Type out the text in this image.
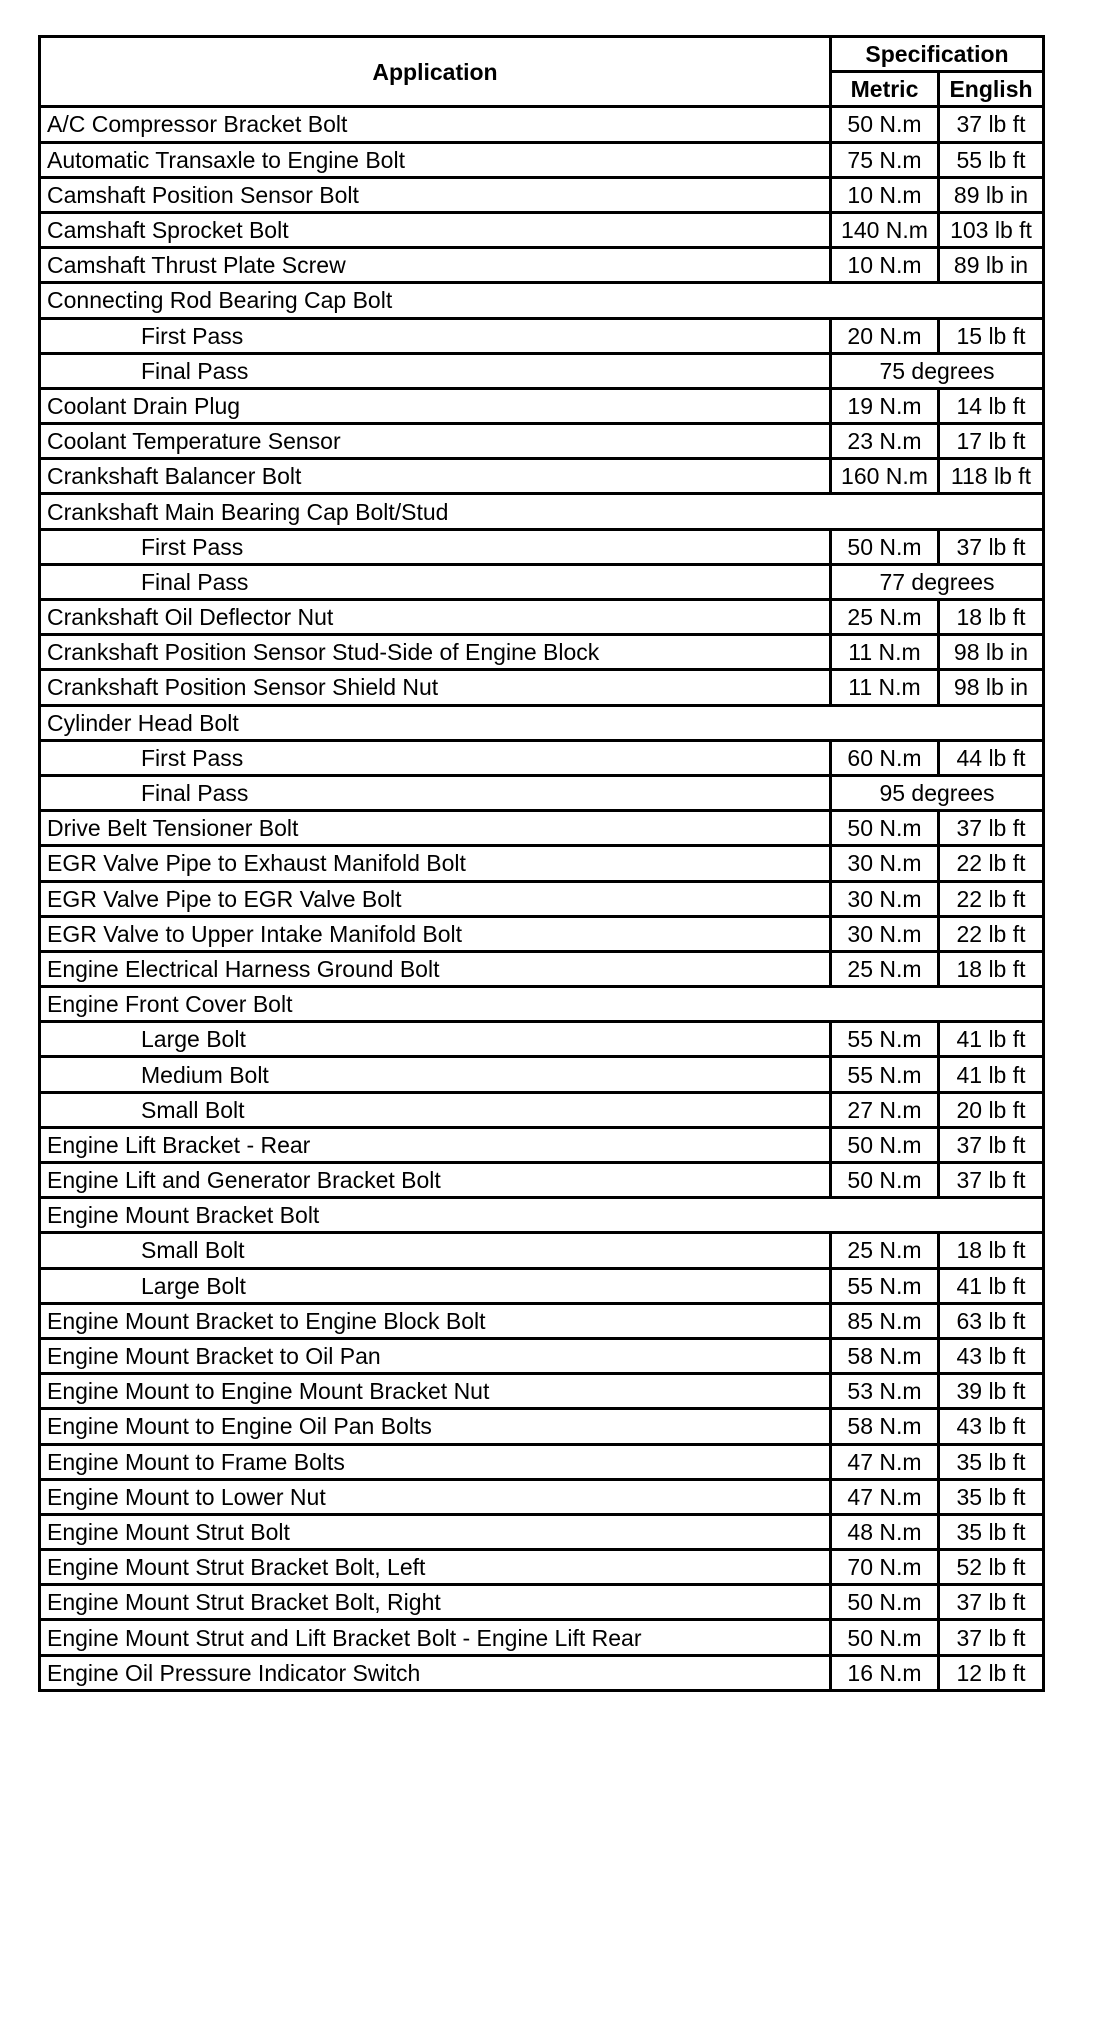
Application	Specification	
	Metric	English
A/C Compressor Bracket Bolt	50 N.m	37 lb ft
Automatic Transaxle to Engine Bolt	75 N.m	55 lb ft
Camshaft Position Sensor Bolt	10 N.m	89 lb in
Camshaft Sprocket Bolt	140 N.m	103 lb ft
Camshaft Thrust Plate Screw	10 N.m	89 lb in
Connecting Rod Bearing Cap Bolt		
First Pass	20 N.m	15 lb ft
Final Pass	75 degrees	
Coolant Drain Plug	19 N.m	14 lb ft
Coolant Temperature Sensor	23 N.m	17 lb ft
Crankshaft Balancer Bolt	160 N.m	118 lb ft
Crankshaft Main Bearing Cap Bolt/Stud		
First Pass	50 N.m	37 lb ft
Final Pass	77 degrees	
Crankshaft Oil Deflector Nut	25 N.m	18 lb ft
Crankshaft Position Sensor Stud-Side of Engine Block	11 N.m	98 lb in
Crankshaft Position Sensor Shield Nut	11 N.m	98 lb in
Cylinder Head Bolt		
First Pass	60 N.m	44 lb ft
Final Pass	95 degrees	
Drive Belt Tensioner Bolt	50 N.m	37 lb ft
EGR Valve Pipe to Exhaust Manifold Bolt	30 N.m	22 lb ft
EGR Valve Pipe to EGR Valve Bolt	30 N.m	22 lb ft
EGR Valve to Upper Intake Manifold Bolt	30 N.m	22 lb ft
Engine Electrical Harness Ground Bolt	25 N.m	18 lb ft
Engine Front Cover Bolt		
Large Bolt	55 N.m	41 lb ft
Medium Bolt	55 N.m	41 lb ft
Small Bolt	27 N.m	20 lb ft
Engine Lift Bracket - Rear	50 N.m	37 lb ft
Engine Lift and Generator Bracket Bolt	50 N.m	37 lb ft
Engine Mount Bracket Bolt		
Small Bolt	25 N.m	18 lb ft
Large Bolt	55 N.m	41 lb ft
Engine Mount Bracket to Engine Block Bolt	85 N.m	63 lb ft
Engine Mount Bracket to Oil Pan	58 N.m	43 lb ft
Engine Mount to Engine Mount Bracket Nut	53 N.m	39 lb ft
Engine Mount to Engine Oil Pan Bolts	58 N.m	43 lb ft
Engine Mount to Frame Bolts	47 N.m	35 lb ft
Engine Mount to Lower Nut	47 N.m	35 lb ft
Engine Mount Strut Bolt	48 N.m	35 lb ft
Engine Mount Strut Bracket Bolt, Left	70 N.m	52 lb ft
Engine Mount Strut Bracket Bolt, Right	50 N.m	37 lb ft
Engine Mount Strut and Lift Bracket Bolt - Engine Lift Rear	50 N.m	37 lb ft
Engine Oil Pressure Indicator Switch	16 N.m	12 lb ft
